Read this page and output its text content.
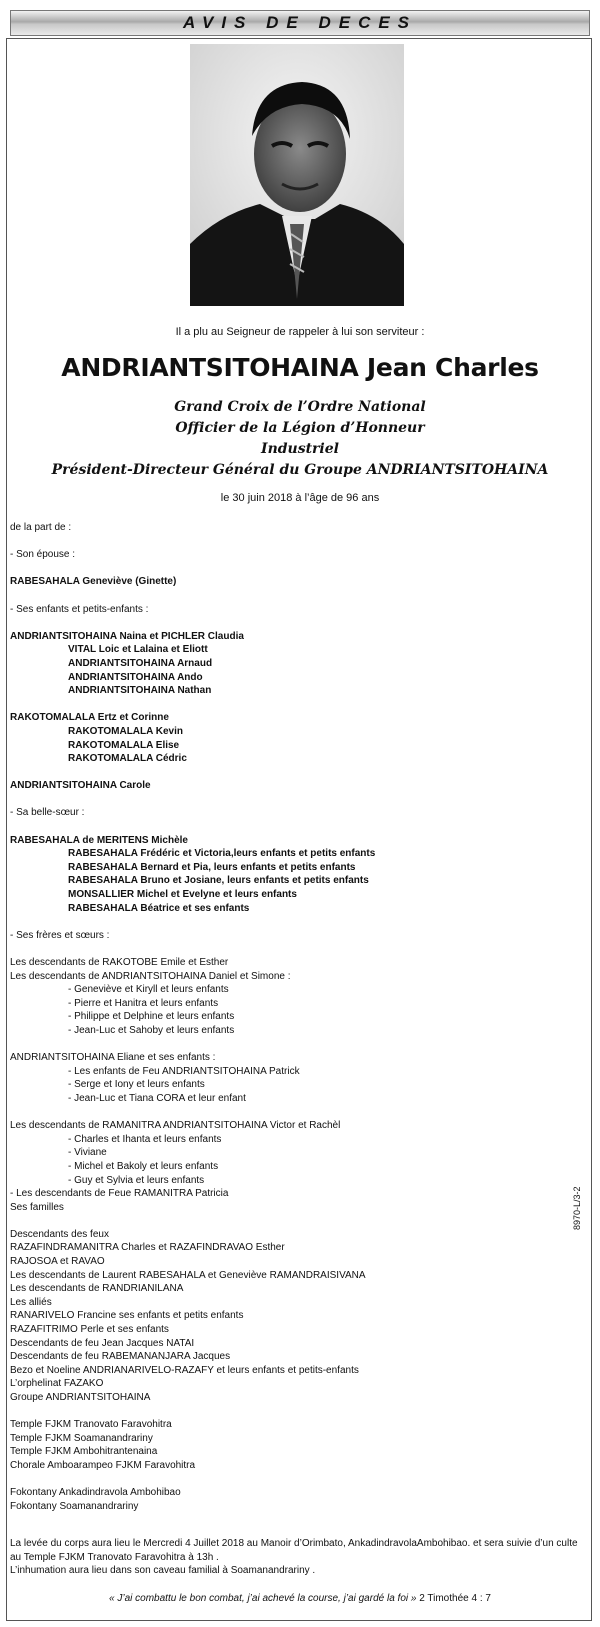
AVIS DE DECES
Il a plu au Seigneur de rappeler à lui son serviteur :
ANDRIANTSITOHAINA Jean Charles
Grand Croix de l’Ordre National
Officier de la Légion d’Honneur
Industriel
Président-Directeur Général du Groupe ANDRIANTSITOHAINA
le 30 juin 2018 à l’âge de 96 ans
de la part de :
- Son épouse :
RABESAHALA Geneviève (Ginette)
- Ses enfants et petits-enfants :
ANDRIANTSITOHAINA Naina et PICHLER Claudia
VITAL Loic et Lalaina et Eliott
ANDRIANTSITOHAINA Arnaud
ANDRIANTSITOHAINA Ando
ANDRIANTSITOHAINA Nathan
RAKOTOMALALA Ertz et Corinne
RAKOTOMALALA Kevin
RAKOTOMALALA Elise
RAKOTOMALALA Cédric
ANDRIANTSITOHAINA Carole
- Sa belle-sœur :
RABESAHALA de MERITENS Michèle
RABESAHALA Frédéric et Victoria,leurs enfants et petits enfants
RABESAHALA Bernard et Pia, leurs enfants et petits enfants
RABESAHALA Bruno et Josiane, leurs enfants et petits enfants
MONSALLIER Michel et Evelyne et leurs enfants
RABESAHALA Béatrice et ses enfants
- Ses frères et sœurs :
Les descendants de RAKOTOBE Emile et Esther
Les descendants de ANDRIANTSITOHAINA Daniel et Simone :
- Geneviève et Kiryll et leurs enfants
- Pierre et Hanitra et leurs enfants
- Philippe et Delphine et leurs enfants
- Jean-Luc et Sahoby et leurs enfants
ANDRIANTSITOHAINA Eliane et ses enfants :
- Les enfants de Feu ANDRIANTSITOHAINA Patrick
- Serge et Iony et leurs enfants
- Jean-Luc et Tiana CORA et leur enfant
Les descendants de RAMANITRA ANDRIANTSITOHAINA Victor et Rachèl
- Charles et Ihanta et leurs enfants
- Viviane
- Michel et Bakoly et leurs enfants
- Guy et Sylvia et leurs enfants
- Les descendants de Feue RAMANITRA Patricia
Ses familles
Descendants des feux
RAZAFINDRAMANITRA Charles et RAZAFINDRAVAO Esther
RAJOSOA et RAVAO
Les descendants de Laurent RABESAHALA et Geneviève RAMANDRAISIVANA
Les descendants de RANDRIANILANA
Les alliés
RANARIVELO Francine ses enfants et petits enfants
RAZAFITRIMO Perle et ses enfants
Descendants de feu Jean Jacques NATAI
Descendants de feu RABEMANANJARA Jacques
Bezo et Noeline ANDRIANARIVELO-RAZAFY et leurs enfants et petits-enfants
L’orphelinat FAZAKO
Groupe ANDRIANTSITOHAINA
Temple FJKM Tranovato Faravohitra
Temple FJKM Soamanandrariny
Temple FJKM Ambohitrantenaina
Chorale Amboarampeo FJKM Faravohitra
Fokontany Ankadindravola Ambohibao
Fokontany Soamanandrariny
8970-L/3-2
La levée du corps aura lieu le Mercredi 4 Juillet 2018 au Manoir d’Orimbato, AnkadindravolaAmbohibao. et sera suivie d’un culte au Temple FJKM Tranovato Faravohitra à 13h .
L’inhumation aura lieu dans son caveau familial à Soamanandrariny .
« J’ai combattu le bon combat, j’ai achevé la course, j’ai gardé la foi » 2 Timothée 4 : 7
